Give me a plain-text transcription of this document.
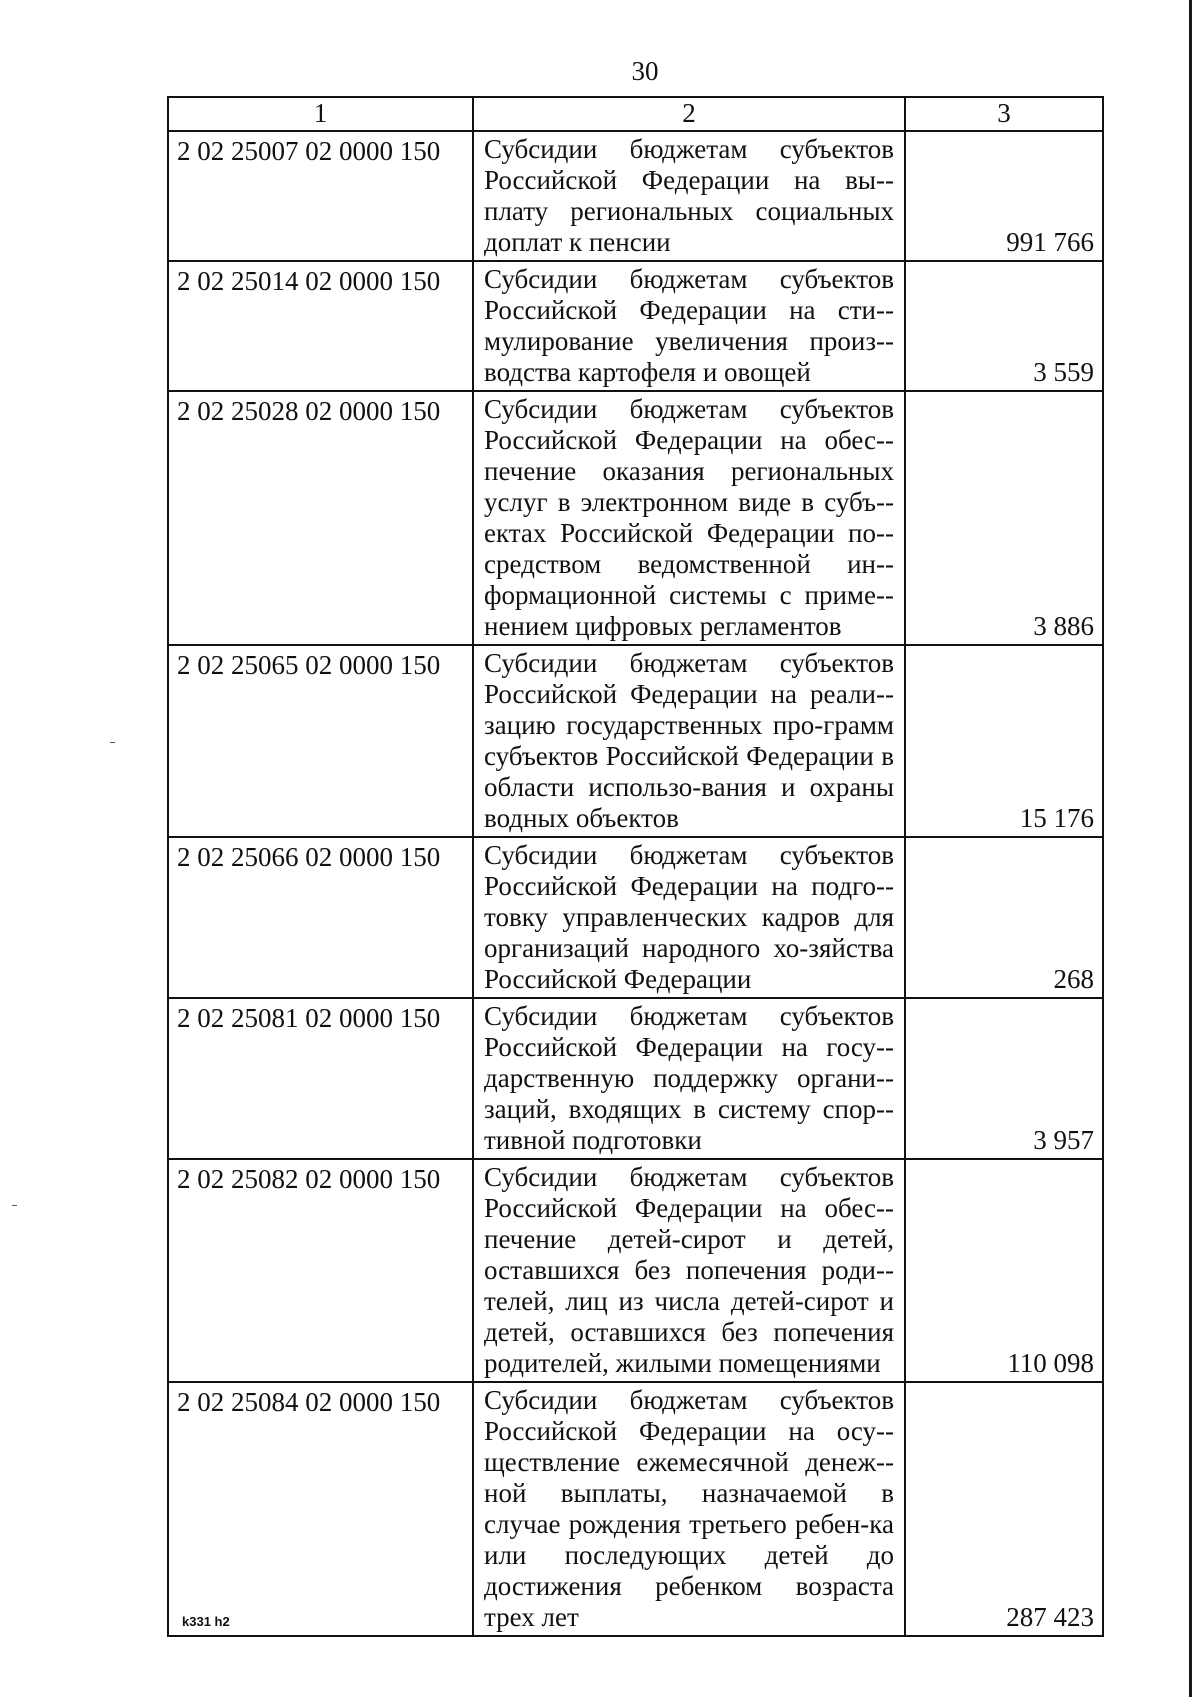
30
1	2	3
2 02 25007 02 0000 150	Субсидии бюджетам субъектов Российской Федерации на вы-плату региональных социальных доплат к пенсии	991 766
2 02 25014 02 0000 150	Субсидии бюджетам субъектов Российской Федерации на сти-мулирование увеличения произ-водства картофеля и овощей	3 559
2 02 25028 02 0000 150	Субсидии бюджетам субъектов Российской Федерации на обес-печение оказания региональных услуг в электронном виде в субъ-ектах Российской Федерации по-средством ведомственной ин-формационной системы с приме-нением цифровых регламентов	3 886
2 02 25065 02 0000 150	Субсидии бюджетам субъектов Российской Федерации на реали-зацию государственных про-грамм субъектов Российской Федерации в области использо-вания и охраны водных объектов	15 176
2 02 25066 02 0000 150	Субсидии бюджетам субъектов Российской Федерации на подго-товку управленческих кадров для организаций народного хо-зяйства Российской Федерации	268
2 02 25081 02 0000 150	Субсидии бюджетам субъектов Российской Федерации на госу-дарственную поддержку органи-заций, входящих в систему спор-тивной подготовки	3 957
2 02 25082 02 0000 150	Субсидии бюджетам субъектов Российской Федерации на обес-печение детей-сирот и детей, оставшихся без попечения роди-телей, лиц из числа детей-сирот и детей, оставшихся без попечения родителей, жилыми помещениями	110 098
2 02 25084 02 0000 150	Субсидии бюджетам субъектов Российской Федерации на осу-ществление ежемесячной денеж-ной выплаты, назначаемой в случае рождения третьего ребен-ка или последующих детей до достижения ребенком возраста трех лет	287 423
k331 h2
